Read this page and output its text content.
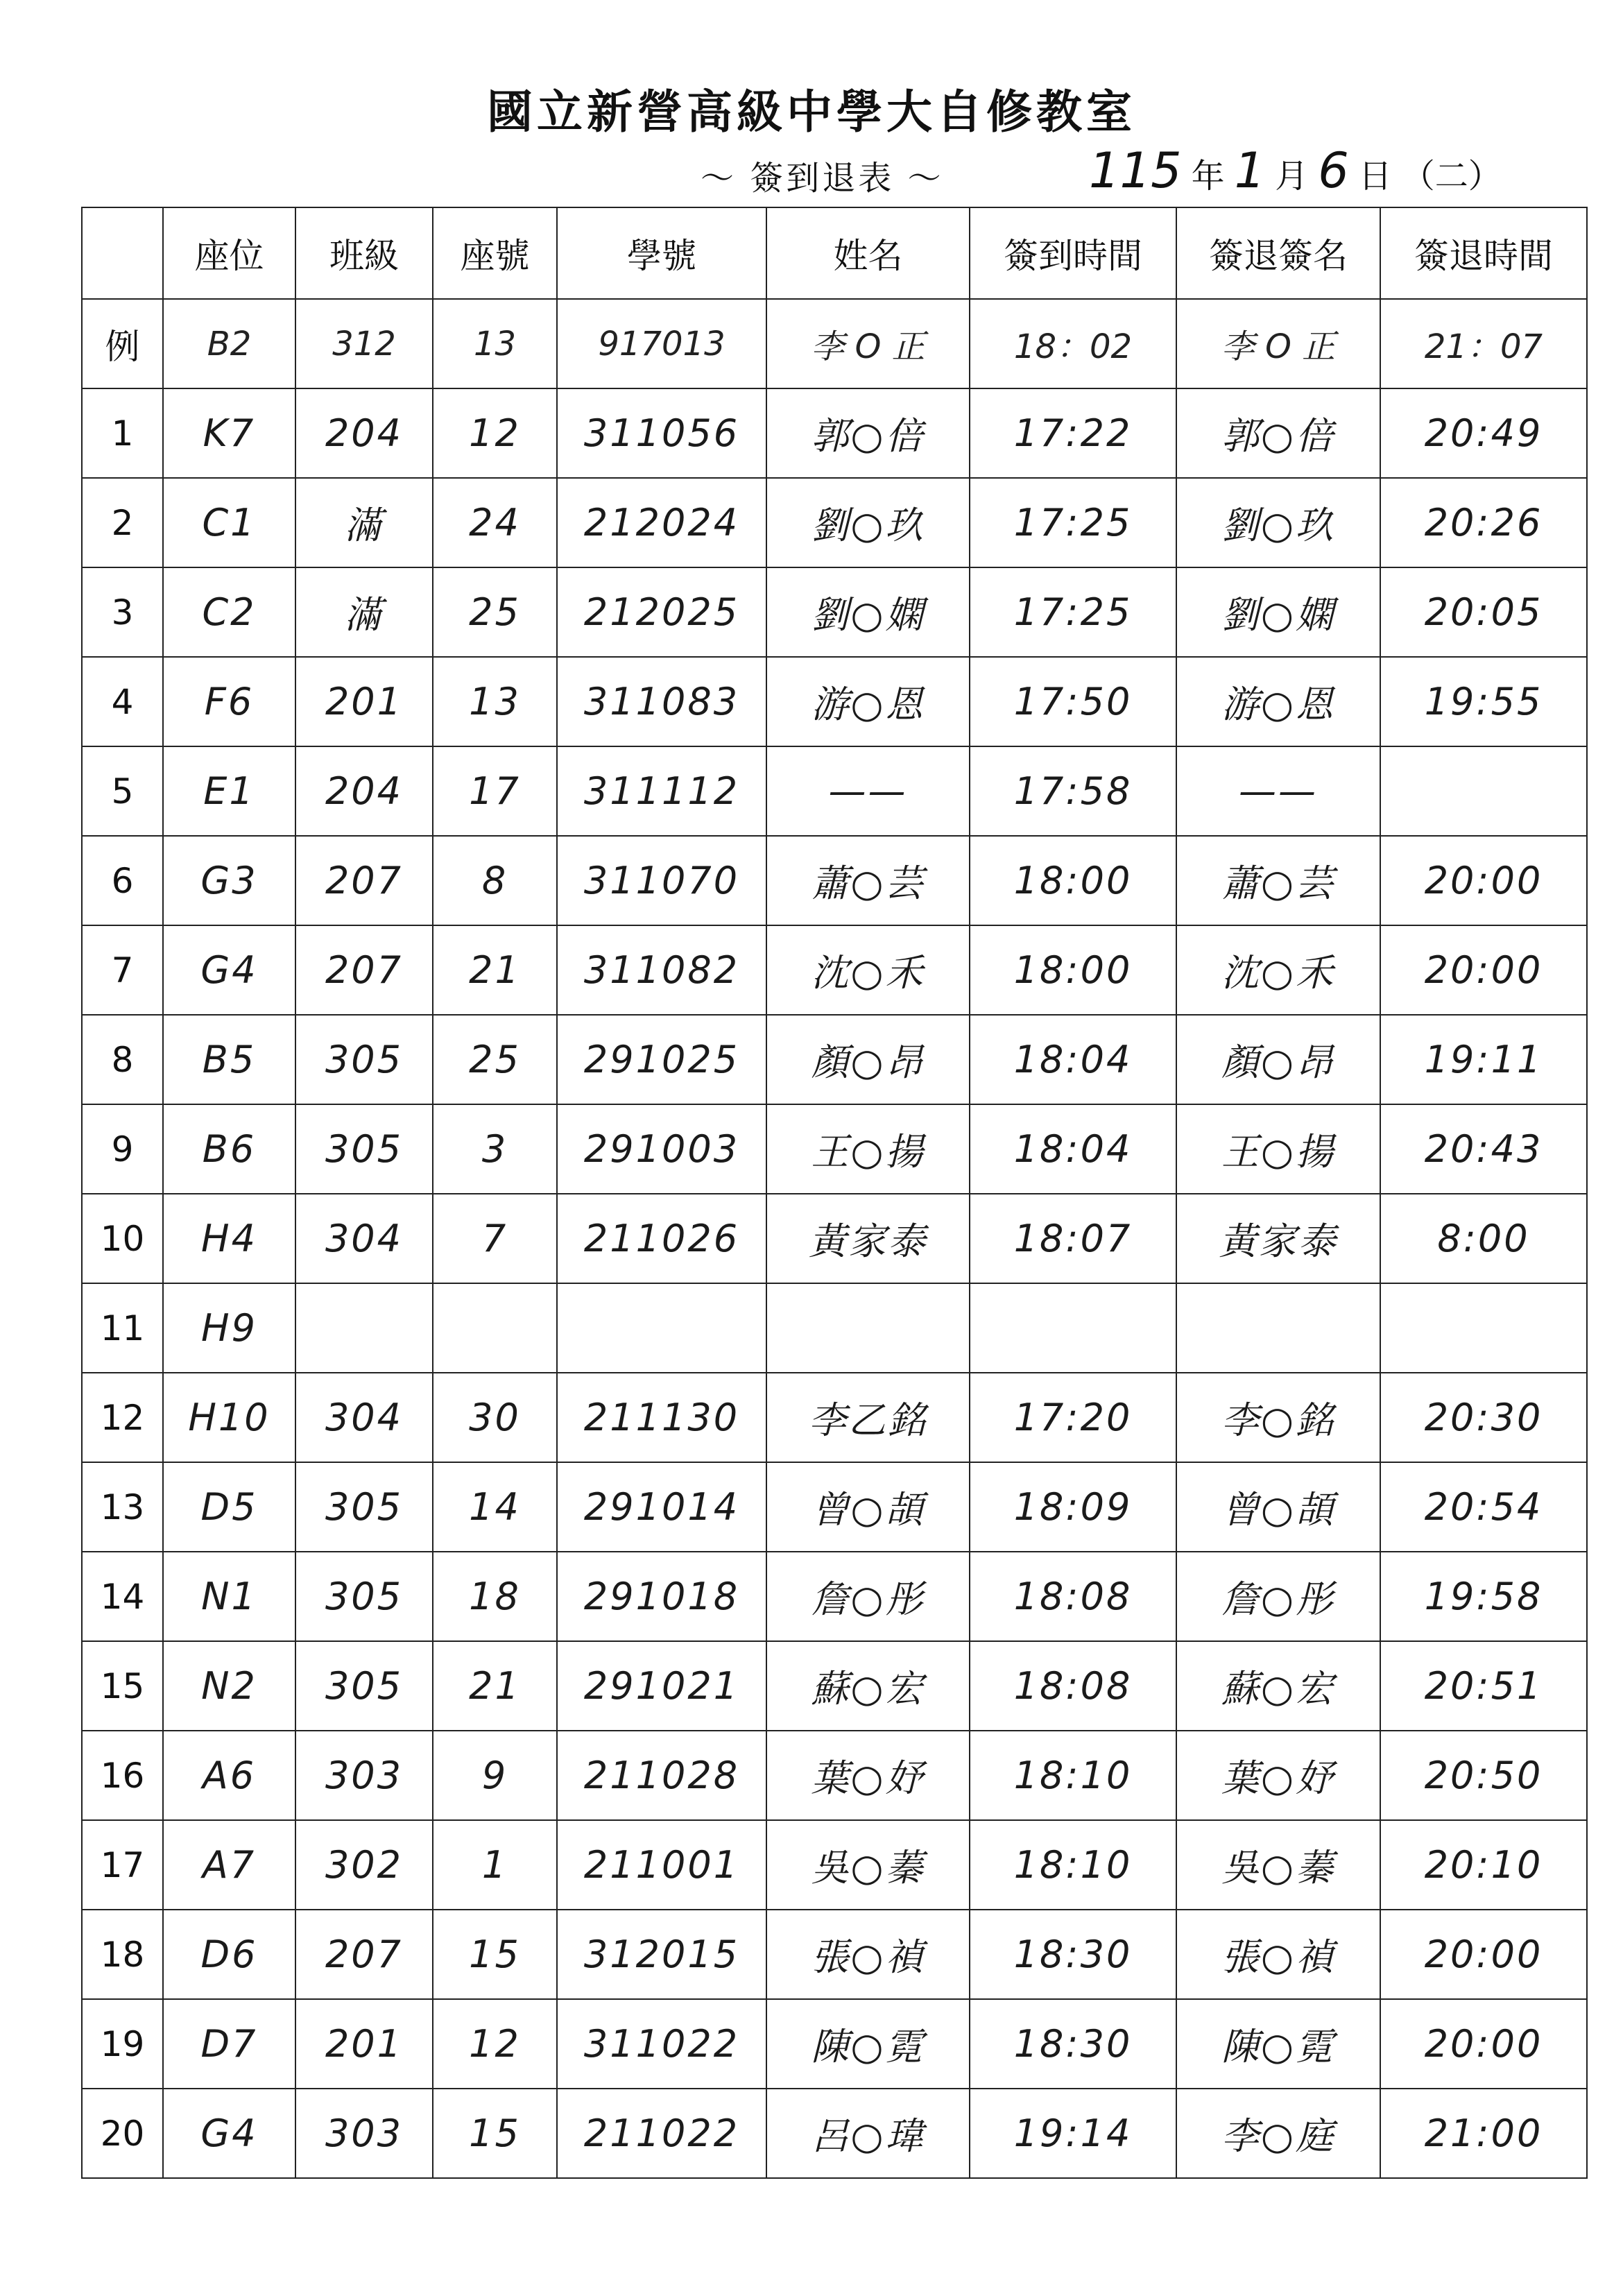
國立新營高級中學大自修教室
～ 簽到退表 ～	115 年 1 月 6 日 （二）
	座位	班級	座號	學號	姓名	簽到時間	簽退簽名	簽退時間
例	B2	312	13	917013	李 O 正	18：02	李 O 正	21：07
1	K7	204	12	311056	郭○倍	17:22	郭○倍	20:49
2	C1	滿	24	212024	劉○玖	17:25	劉○玖	20:26
3	C2	滿	25	212025	劉○嫻	17:25	劉○嫻	20:05
4	F6	201	13	311083	游○恩	17:50	游○恩	19:55
5	E1	204	17	311112	——	17:58	——	
6	G3	207	8	311070	蕭○芸	18:00	蕭○芸	20:00
7	G4	207	21	311082	沈○禾	18:00	沈○禾	20:00
8	B5	305	25	291025	顏○昂	18:04	顏○昂	19:11
9	B6	305	3	291003	王○揚	18:04	王○揚	20:43
10	H4	304	7	211026	黃家泰	18:07	黃家泰	8:00
11	H9							
12	H10	304	30	211130	李乙銘	17:20	李○銘	20:30
13	D5	305	14	291014	曾○頡	18:09	曾○頡	20:54
14	N1	305	18	291018	詹○彤	18:08	詹○彤	19:58
15	N2	305	21	291021	蘇○宏	18:08	蘇○宏	20:51
16	A6	303	9	211028	葉○妤	18:10	葉○妤	20:50
17	A7	302	1	211001	吳○蓁	18:10	吳○蓁	20:10
18	D6	207	15	312015	張○禎	18:30	張○禎	20:00
19	D7	201	12	311022	陳○霓	18:30	陳○霓	20:00
20	G4	303	15	211022	呂○瑋	19:14	李○庭	21:00
